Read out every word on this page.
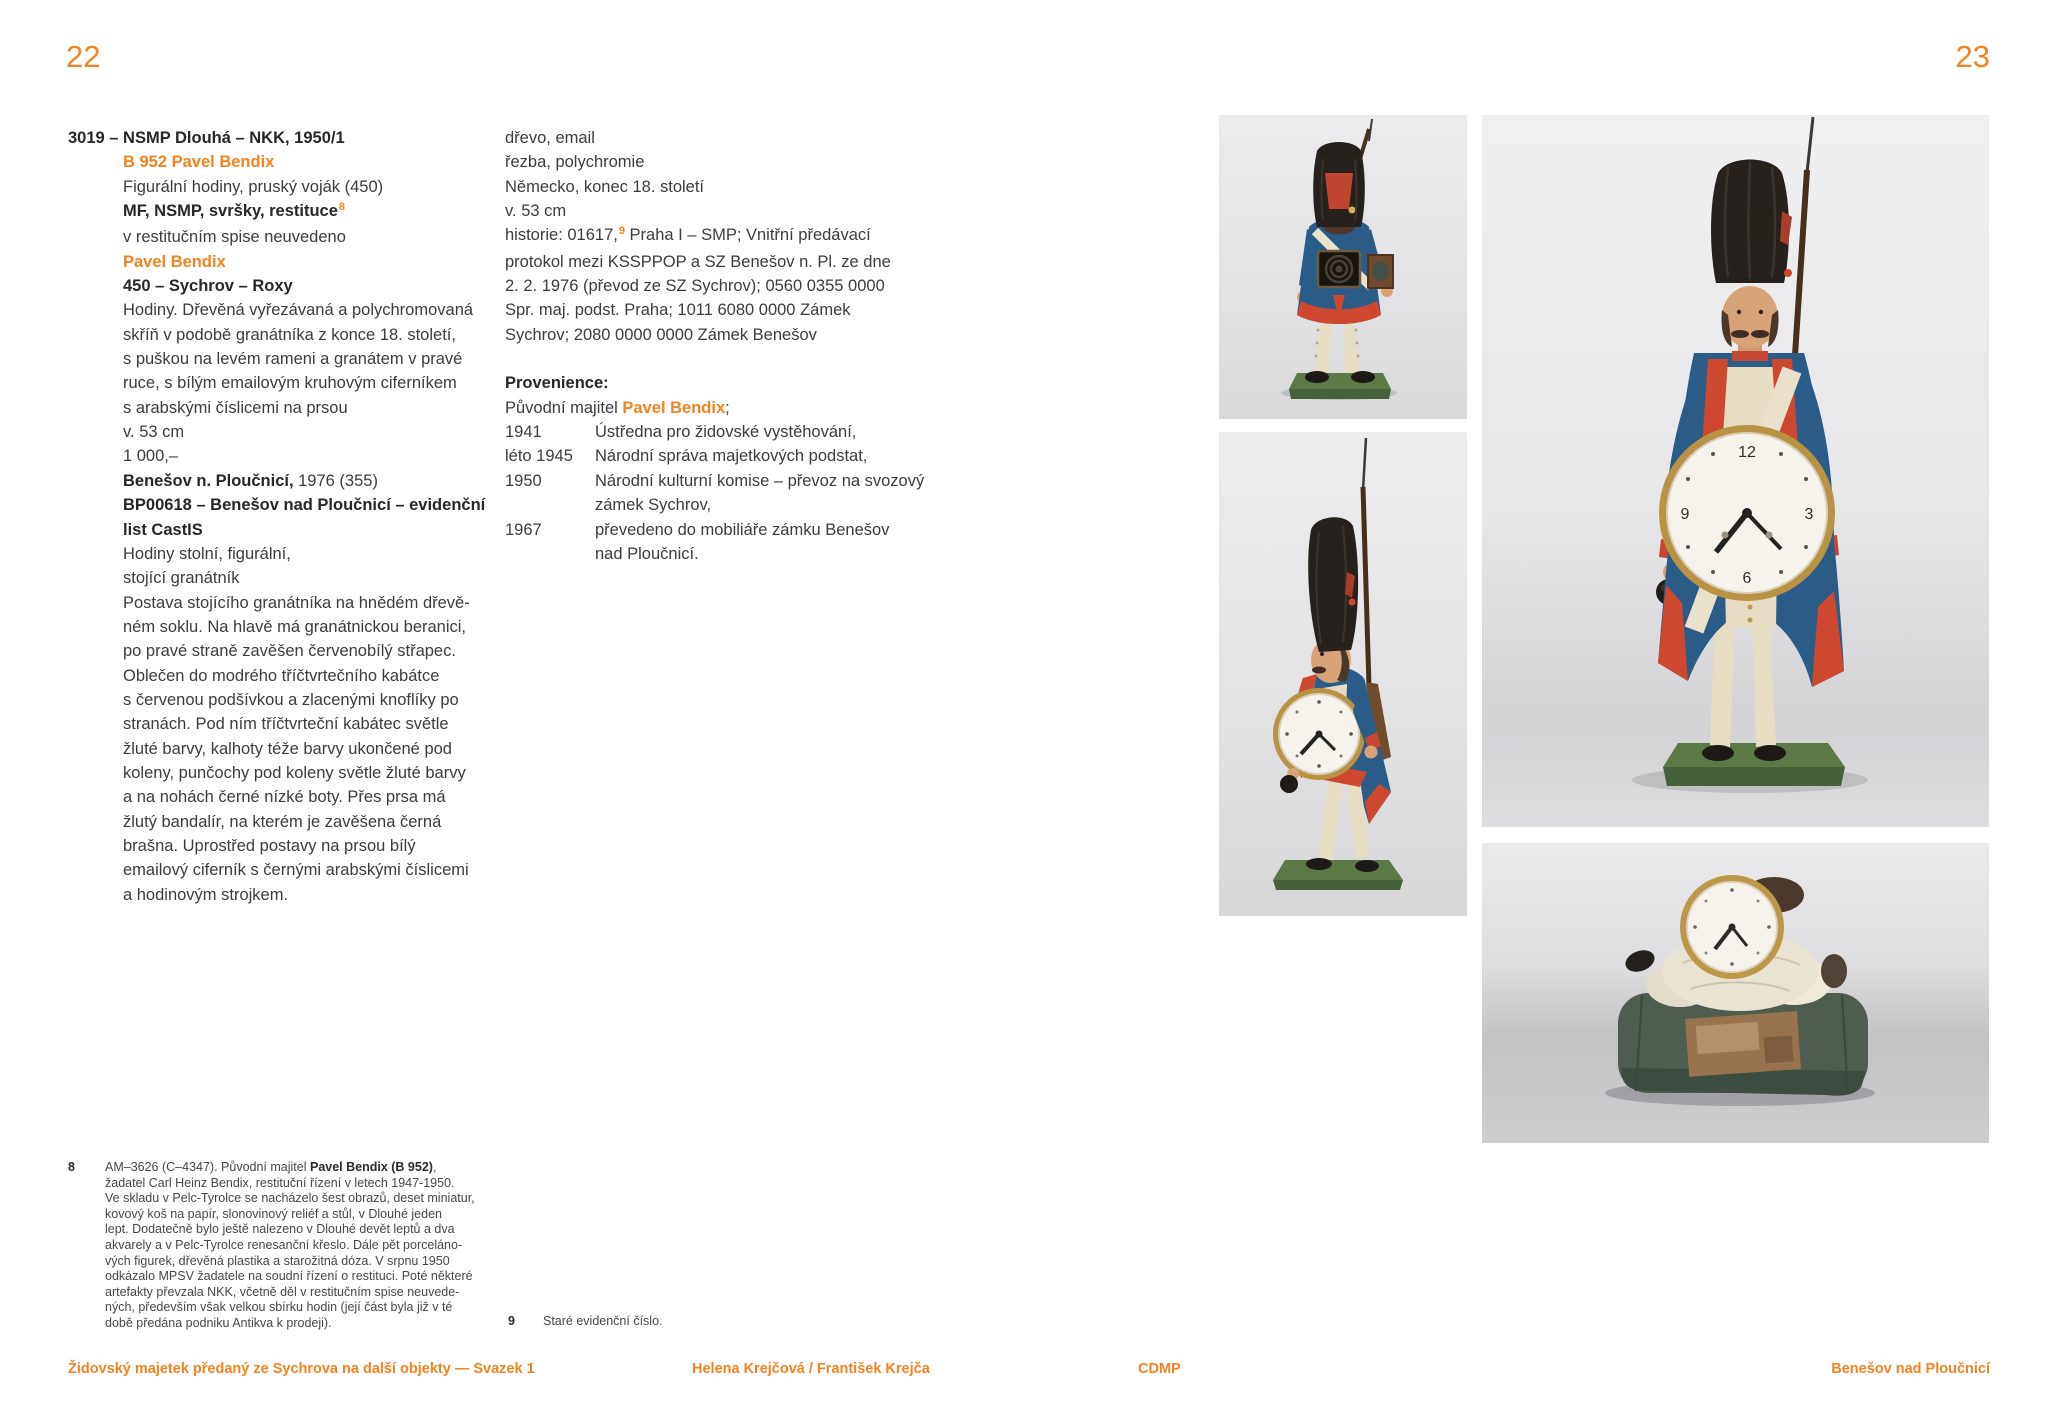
22	23
3019 – NSMP Dlouhá – NKK, 1950/1
B 952 Pavel Bendix
Figurální hodiny, pruský voják (450)
MF, NSMP, svršky, restituce$^8$
v restitučním spise neuvedeno
Pavel Bendix
450 – Sychrov – Roxy
Hodiny. Dřevěná vyřezávaná a polychromovaná
skříň v podobě granátníka z konce 18. století,
s puškou na levém rameni a granátem v pravé
ruce, s bílým emailovým kruhovým ciferníkem
s arabskými číslicemi na prsou
v. 53 cm
1 000,–
Benešov n. Ploučnicí, 1976 (355)
BP00618 – Benešov nad Ploučnicí – evidenční
list CastIS
Hodiny stolní, figurální,
stojící granátník
Postava stojícího granátníka na hnědém dřevě-
ném soklu. Na hlavě má granátnickou beranici,
po pravé straně zavěšen červenobílý střapec.
Oblečen do modrého tříčtvrtečního kabátce
s červenou podšívkou a zlacenými knoflíky po
stranách. Pod ním tříčtvrteční kabátec světle
žluté barvy, kalhoty téže barvy ukončené pod
koleny, punčochy pod koleny světle žluté barvy
a na nohách černé nízké boty. Přes prsa má
žlutý bandalír, na kterém je zavěšena černá
brašna. Uprostřed postavy na prsou bílý
emailový ciferník s černými arabskými číslicemi
a hodinovým strojkem.
dřevo, email
řezba, polychromie
Německo, konec 18. století
v. 53 cm
historie: 01617,$^9$ Praha I – SMP; Vnitřní předávací
protokol mezi KSSPPOP a SZ Benešov n. Pl. ze dne
2. 2. 1976 (převod ze SZ Sychrov); 0560 0355 0000
Spr. maj. podst. Praha; 1011 6080 0000 Zámek
Sychrov; 2080 0000 0000 Zámek Benešov
Provenience:
Původní majitel Pavel Bendix;
1941	Ústředna pro židovské vystěhování,
léto 1945	Národní správa majetkových podstat,
1950	Národní kulturní komise – převoz na svozový
zámek Sychrov,
1967	převedeno do mobiliáře zámku Benešov
nad Ploučnicí.
8	AM–3626 (C–4347). Původní majitel Pavel Bendix (B 952),
žadatel Carl Heinz Bendix, restituční řízení v letech 1947-1950.
Ve skladu v Pelc-Tyrolce se nacházelo šest obrazů, deset miniatur,
kovový koš na papír, slonovinový reliéf a stůl, v Dlouhé jeden
lept. Dodatečně bylo ještě nalezeno v Dlouhé devět leptů a dva
akvarely a v Pelc-Tyrolce renesanční křeslo. Dále pět porceláno-
vých figurek, dřevěná plastika a starožitná dóza. V srpnu 1950
odkázalo MPSV žadatele na soudní řízení o restituci. Poté některé
artefakty převzala NKK, včetně děl v restitučním spise neuvede-
ných, především však velkou sbírku hodin (její část byla již v té
době předána podniku Antikva k prodeji).	9	Staré evidenční číslo.
Židovský majetek předaný ze Sychrova na další objekty — Svazek 1	Helena Krejčová / František Krejča	CDMP	Benešov nad Ploučnicí
12
3
6
9
